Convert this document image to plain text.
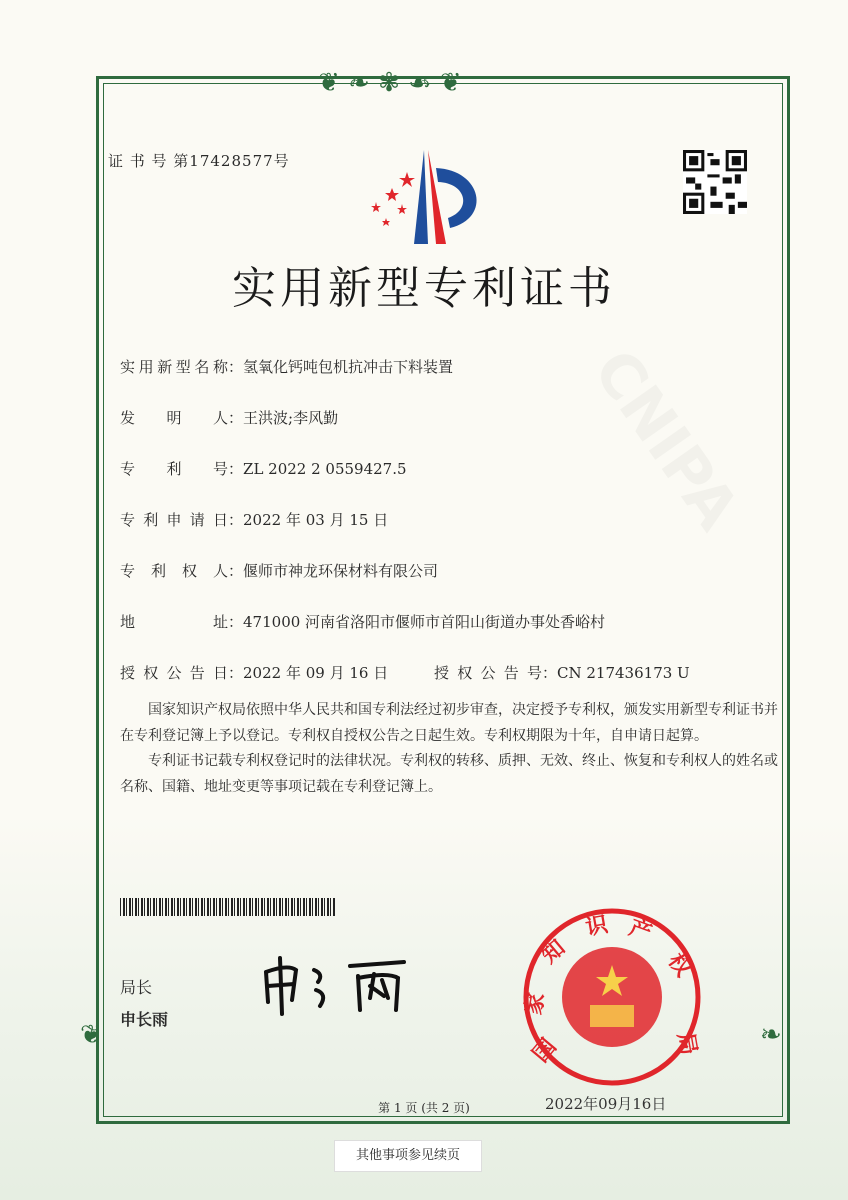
❦ ❧ ✾ ☙ ❦
❦	❧
证 书 号 第17428577号
实用新型专利证书
实用新型名称：氢氧化钙吨包机抗冲击下料装置
发明人：王洪波;李风勤
专利号：ZL 2022 2 0559427.5
专利申请日：2022 年 03 月 15 日
专利权人：偃师市神龙环保材料有限公司
地址：471000 河南省洛阳市偃师市首阳山街道办事处香峪村
授权公告日：2022 年 09 月 16 日	授权公告号：CN 217436173 U

国家知识产权局依照中华人民共和国专利法经过初步审查，决定授予专利权，颁发实用新型专利证书并在专利登记簿上予以登记。专利权自授权公告之日起生效。专利权期限为十年，自申请日起算。

专利证书记载专利权登记时的法律状况。专利权的转移、质押、无效、终止、恢复和专利权人的姓名或名称、国籍、地址变更等事项记载在专利登记簿上。

局长
申长雨
国
家
知
识 产
权
局
2022年09月16日
第 1 页 (共 2 页)
其他事项参见续页
